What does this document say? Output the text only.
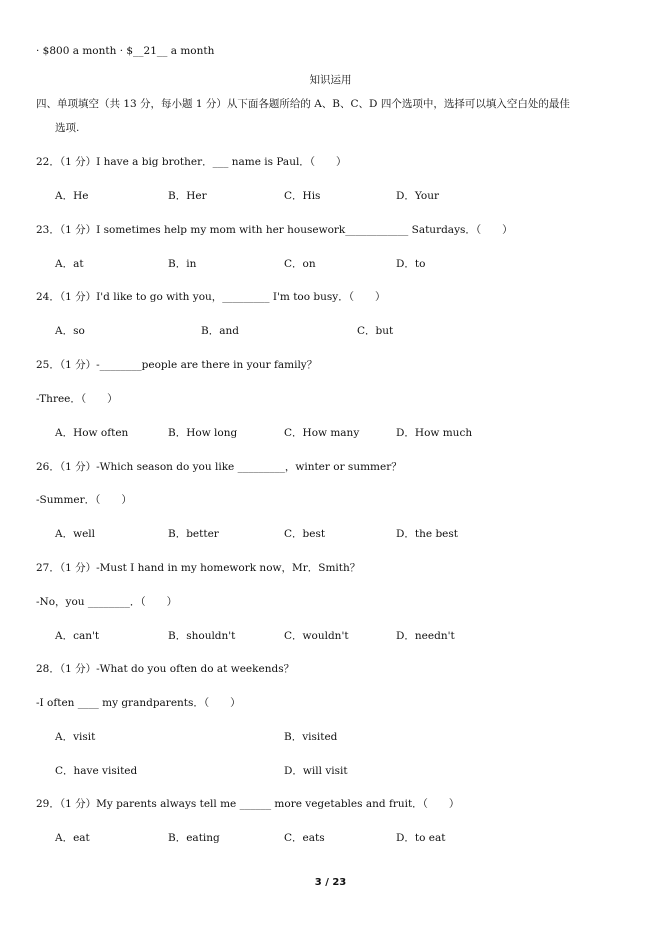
· $800 a month · $__21__ a month
知识运用
四、单项填空（共 13 分，每小题 1 分）从下面各题所给的 A、B、C、D 四个选项中，选择可以填入空白处的最佳
选项.
22．（1 分）I have a big brother．___ name is Paul．（　　）
A．He	B．Her	C．His	D．Your
23．（1 分）I sometimes help my mom with her housework____________ Saturdays．（　　）
A．at	B．in	C．on	D．to
24．（1 分）I'd like to go with you，_________ I'm too busy．（　　）
A．so	B．and	C．but
25．（1 分）-________people are there in your family？
-Three．（　　）
A．How often	B．How long	C．How many	D．How much
26．（1 分）-Which season do you like _________，winter or summer？
-Summer．（　　）
A．well	B．better	C．best	D．the best
27．（1 分）-Must I hand in my homework now，Mr．Smith？
-No，you ________．（　　）
A．can't	B．shouldn't	C．wouldn't	D．needn't
28．（1 分）-What do you often do at weekends？
-I often ____ my grandparents．（　　）
A．visit	B．visited
C．have visited	D．will visit
29．（1 分）My parents always tell me ______ more vegetables and fruit．（　　）
A．eat	B．eating	C．eats	D．to eat
3 / 23
